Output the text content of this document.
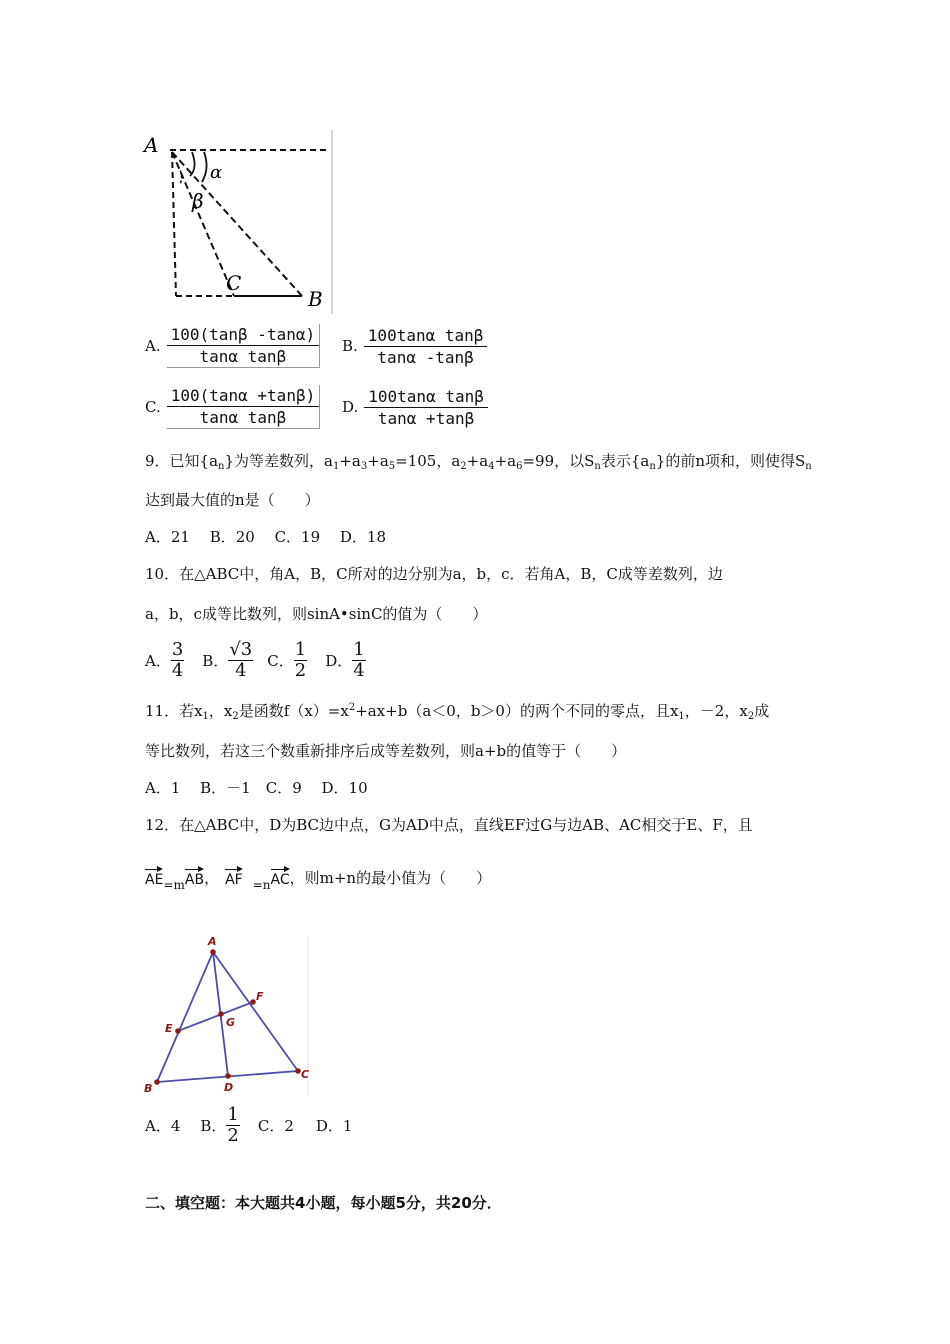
A
α
β
C
B
A. $\frac{100(\tan\beta -\tan\alpha)}{\text{tanα tanβ}} B$. $\frac{\text{100tanα tanβ}}{\tan\alpha -\tan\beta}$
C. $\frac{100(\tan\alpha +\tan\beta)}{\text{tanα tanβ}} D$. $\frac{\text{100tanα tanβ}}{\tan\alpha +\tan\beta}$
9．已知$\{a_n\}$为等差数列，$a_1+a_3+a_5=105$，$a_2+a_4+a_6=99$，以$S_n$表示$\{a_n\}$的前n项和，则使得$S_n$
达到最大值的n是（　　）
A．21　 B．20　 C．19　 D．18
10．在△ABC中，角A，B，C所对的边分别为a，b，c．若角A，B，C成等差数列，边
a，b，c成等比数列，则sinA•sinC的值为（　　）
A． $\frac{3}{4}$ B． $\frac{√3}{4}$ C． $\frac{1}{2}$ D． $\frac{1}{4}$
11．若$x_1$，$x_2$是函数$f(x)=x^2+ax+b(a<0$，b＞0）的两个不同的零点，且$x_1$，－2，$x_2$成
等比数列，若这三个数重新排序后成等差数列，则a+b的值等于（　　）
A．1　 B．－1　C．9　 D．10
12．在△ABC中，D为BC边中点，G为AD中点，直线EF过G与边AB、AC相交于E、F，且
AE =m AB ， AF =n AC ，则m+n的最小值为（　　）
A
B
C
D
E
F
G
A．4 B． $\frac{1}{2}$ C．2 D．1
二、填空题：本大题共4小题，每小题5分，共20分．
